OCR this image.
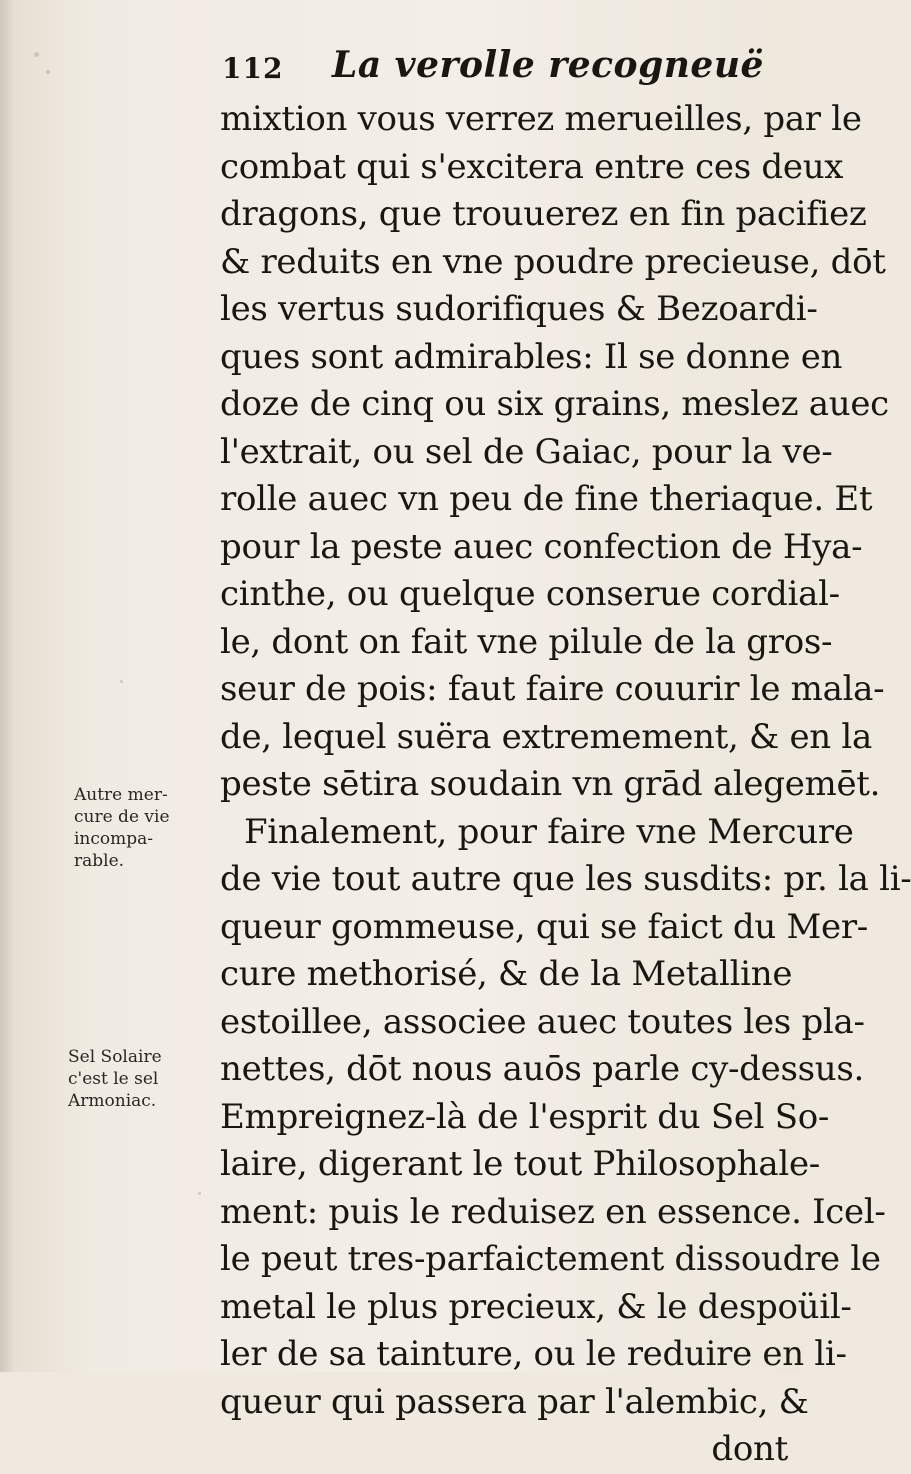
112 La verolle recogneuë
mixtion vous verrez merueilles, par le
combat qui s'excitera entre ces deux
dragons, que trouuerez en fin pacifiez
& reduits en vne poudre precieuse, dōt
les vertus sudorifiques & Bezoardi-
ques sont admirables: Il se donne en
doze de cinq ou six grains, meslez auec
l'extrait, ou sel de Gaiac, pour la ve-
rolle auec vn peu de fine theriaque. Et
pour la peste auec confection de Hya-
cinthe, ou quelque conserue cordial-
le, dont on fait vne pilule de la gros-
seur de pois: faut faire couurir le mala-
de, lequel suëra extremement, & en la
peste sētira soudain vn grād alegemēt.
Finalement, pour faire vne Mercure
de vie tout autre que les susdits: pr. la li-
queur gommeuse, qui se faict du Mer-
cure methorisé, & de la Metalline
estoillee, associee auec toutes les pla-
nettes, dōt nous auōs parle cy-dessus.
Empreignez-là de l'esprit du Sel So-
laire, digerant le tout Philosophale-
ment: puis le reduisez en essence. Icel-
le peut tres-parfaictement dissoudre le
metal le plus precieux, & le despoüil-
ler de sa tainture, ou le reduire en li-
queur qui passera par l'alembic, &
dont
Autre mer-
cure de vie
incompa-
rable.
Sel Solaire
c'est le sel
Armoniac.
